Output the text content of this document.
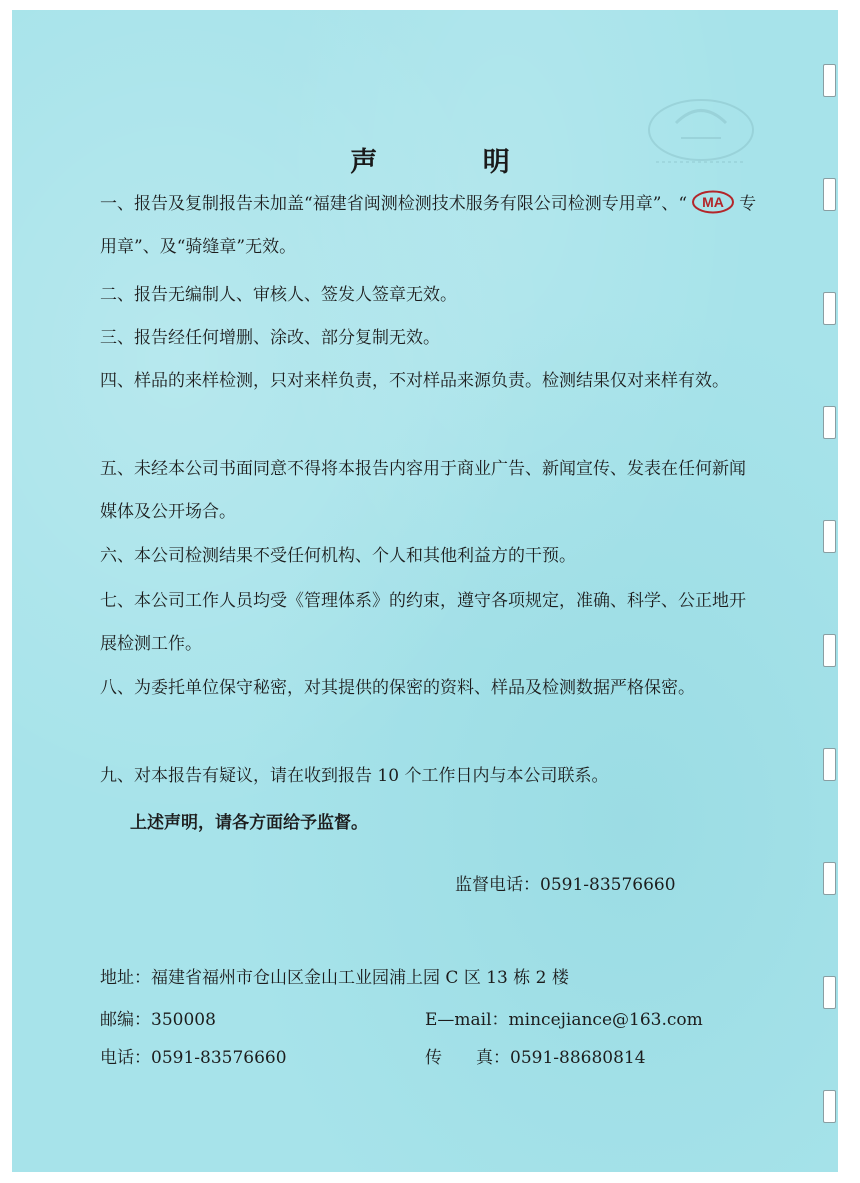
声 明
一、报告及复制报告未加盖“福建省闽测检测技术服务有限公司检测专用章”、“ MA 专用章”、及“骑缝章”无效。
二、报告无编制人、审核人、签发人签章无效。
三、报告经任何增删、涂改、部分复制无效。
四、样品的来样检测，只对来样负责，不对样品来源负责。检测结果仅对来样有效。
五、未经本公司书面同意不得将本报告内容用于商业广告、新闻宣传、发表在任何新闻媒体及公开场合。
六、本公司检测结果不受任何机构、个人和其他利益方的干预。
七、本公司工作人员均受《管理体系》的约束，遵守各项规定，准确、科学、公正地开展检测工作。
八、为委托单位保守秘密，对其提供的保密的资料、样品及检测数据严格保密。
九、对本报告有疑议，请在收到报告 10 个工作日内与本公司联系。
上述声明，请各方面给予监督。
监督电话：0591-83576660
地址：福建省福州市仓山区金山工业园浦上园 C 区 13 栋 2 楼
邮编：350008	E—mail：mincejiance@163.com
电话：0591-83576660	传　　真：0591-88680814
